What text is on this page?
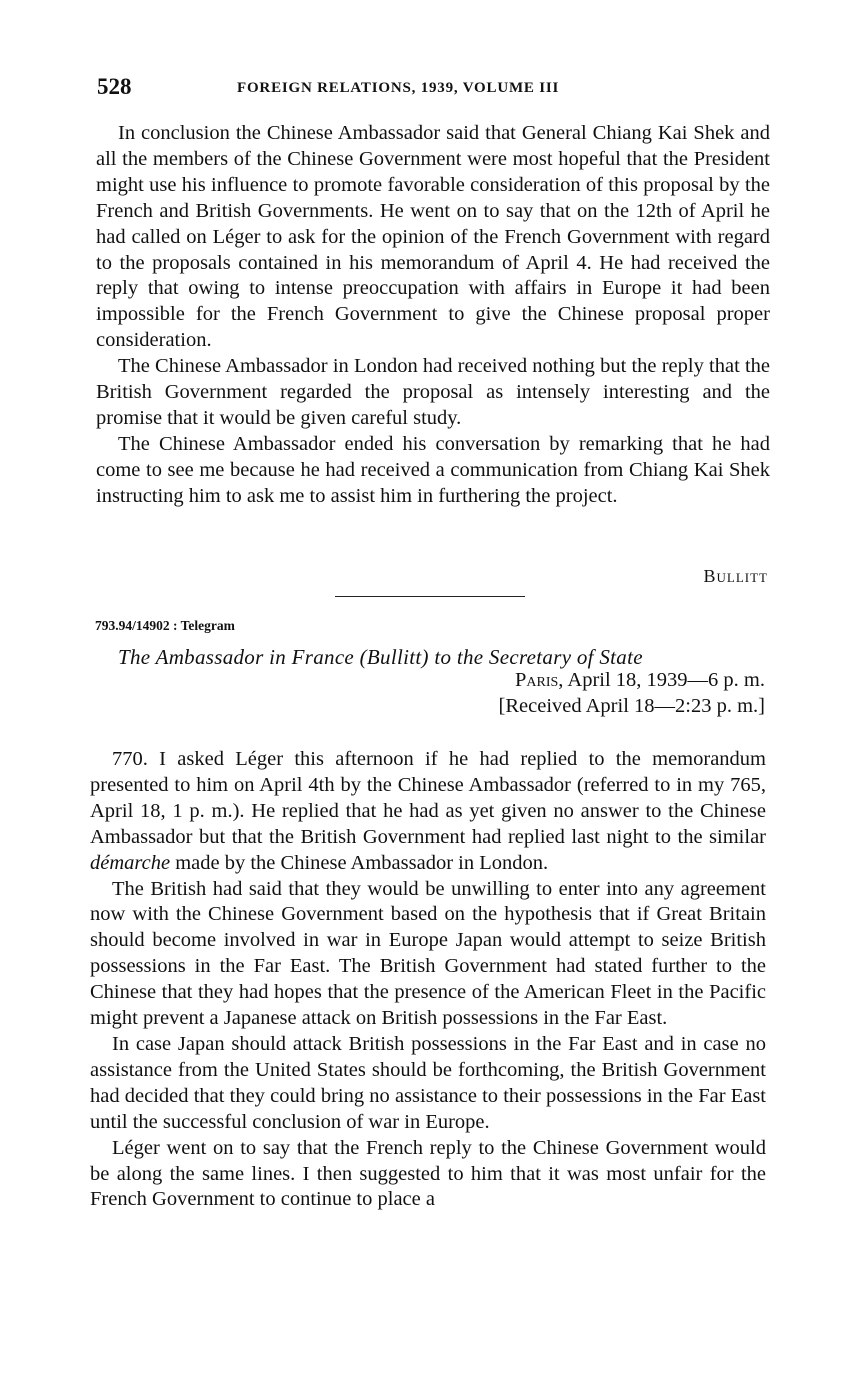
528	FOREIGN RELATIONS, 1939, VOLUME III

In conclusion the Chinese Ambassador said that General Chiang Kai Shek and all the members of the Chinese Government were most hopeful that the President might use his influence to promote favorable consideration of this proposal by the French and British Governments. He went on to say that on the 12th of April he had called on Léger to ask for the opinion of the French Government with regard to the proposals contained in his memorandum of April 4. He had received the reply that owing to intense preoccupation with affairs in Europe it had been impossible for the French Government to give the Chinese proposal proper consideration.

The Chinese Ambassador in London had received nothing but the reply that the British Government regarded the proposal as intensely interesting and the promise that it would be given careful study.

The Chinese Ambassador ended his conversation by remarking that he had come to see me because he had received a communication from Chiang Kai Shek instructing him to ask me to assist him in furthering the project.

Bullitt
793.94/14902 : Telegram
The Ambassador in France (Bullitt) to the Secretary of State
Paris, April 18, 1939—6 p. m.
[Received April 18—2:23 p. m.]

770. I asked Léger this afternoon if he had replied to the memorandum presented to him on April 4th by the Chinese Ambassador (referred to in my 765, April 18, 1 p. m.). He replied that he had as yet given no answer to the Chinese Ambassador but that the British Government had replied last night to the similar démarche made by the Chinese Ambassador in London.

The British had said that they would be unwilling to enter into any agreement now with the Chinese Government based on the hypothesis that if Great Britain should become involved in war in Europe Japan would attempt to seize British possessions in the Far East. The British Government had stated further to the Chinese that they had hopes that the presence of the American Fleet in the Pacific might prevent a Japanese attack on British possessions in the Far East.

In case Japan should attack British possessions in the Far East and in case no assistance from the United States should be forthcoming, the British Government had decided that they could bring no assistance to their possessions in the Far East until the successful conclusion of war in Europe.

Léger went on to say that the French reply to the Chinese Government would be along the same lines. I then suggested to him that it was most unfair for the French Government to continue to place a
